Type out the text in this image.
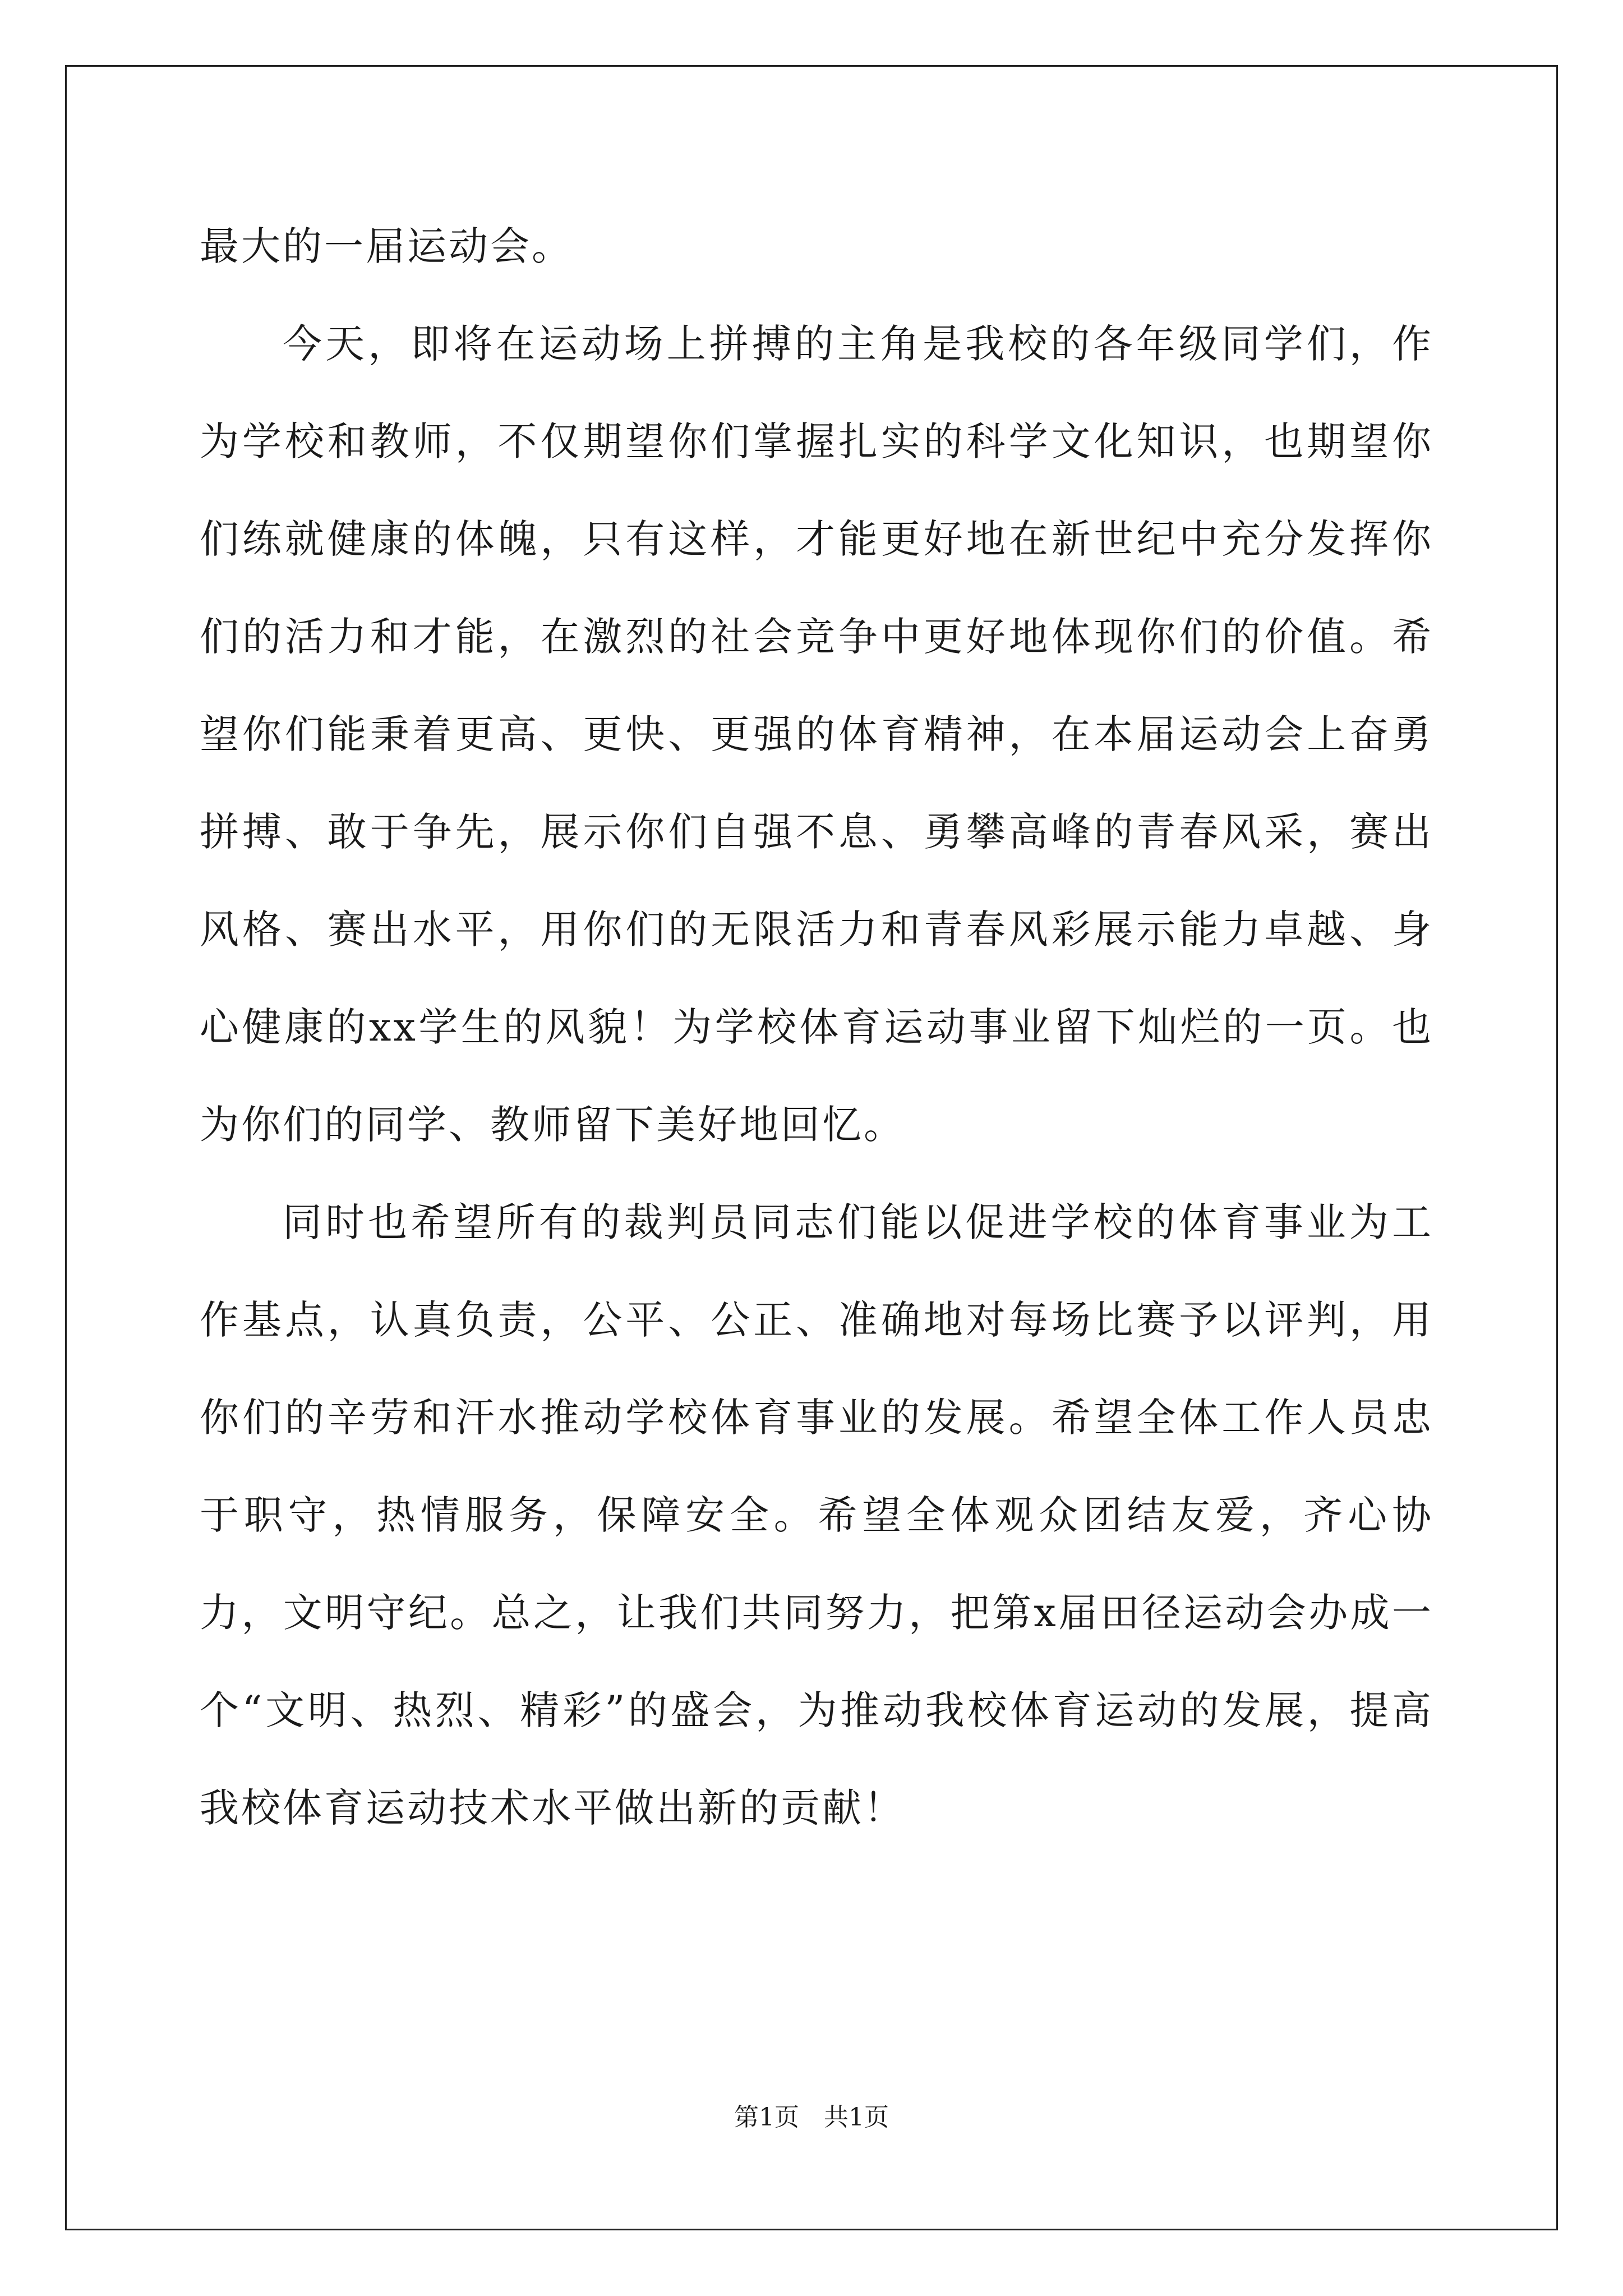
最大的一届运动会。

今天，即将在运动场上拼搏的主角是我校的各年级同学们，作为学校和教师，不仅期望你们掌握扎实的科学文化知识，也期望你们练就健康的体魄，只有这样，才能更好地在新世纪中充分发挥你们的活力和才能，在激烈的社会竞争中更好地体现你们的价值。希望你们能秉着更高、更快、更强的体育精神，在本届运动会上奋勇拼搏、敢于争先，展示你们自强不息、勇攀高峰的青春风采，赛出风格、赛出水平，用你们的无限活力和青春风彩展示能力卓越、身心健康的xx学生的风貌！为学校体育运动事业留下灿烂的一页。也为你们的同学、教师留下美好地回忆。

同时也希望所有的裁判员同志们能以促进学校的体育事业为工作基点，认真负责，公平、公正、准确地对每场比赛予以评判，用你们的辛劳和汗水推动学校体育事业的发展。希望全体工作人员忠于职守，热情服务，保障安全。希望全体观众团结友爱，齐心协力，文明守纪。总之，让我们共同努力，把第x届田径运动会办成一个“文明、热烈、精彩”的盛会，为推动我校体育运动的发展，提高我校体育运动技术水平做出新的贡献！

第1页　共1页
